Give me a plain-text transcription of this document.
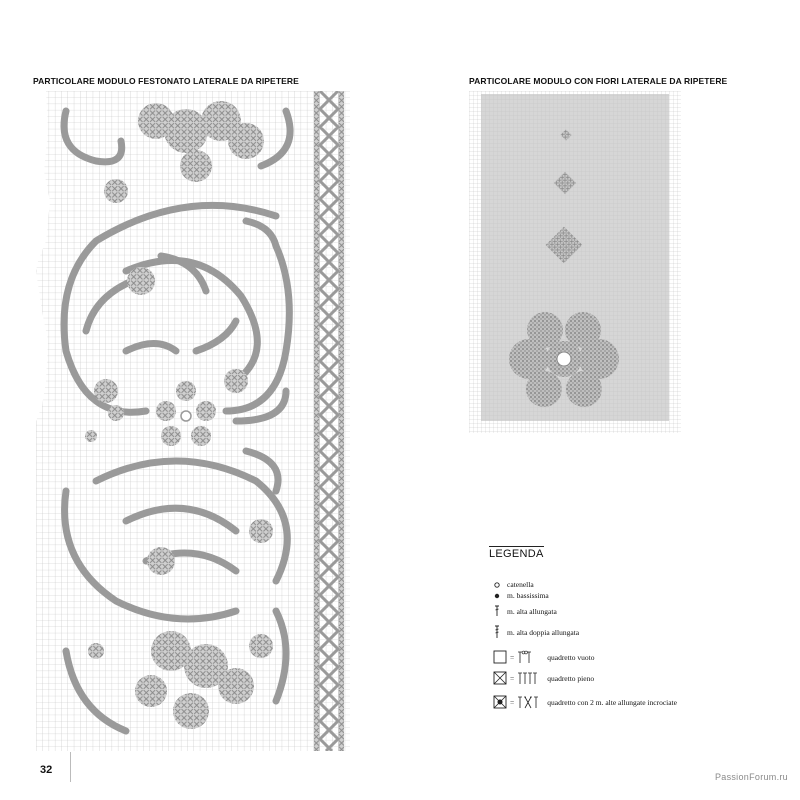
PARTICOLARE MODULO FESTONATO LATERALE DA RIPETERE	PARTICOLARE MODULO CON FIORI LATERALE DA RIPETERE
LEGENDA
catenella
m. bassissima
m. alta allungata
m. alta doppia allungata
=	quadretto vuoto
=	quadretto pieno
=	quadretto con 2 m. alte allungate incrociate
32
PassionForum.ru
